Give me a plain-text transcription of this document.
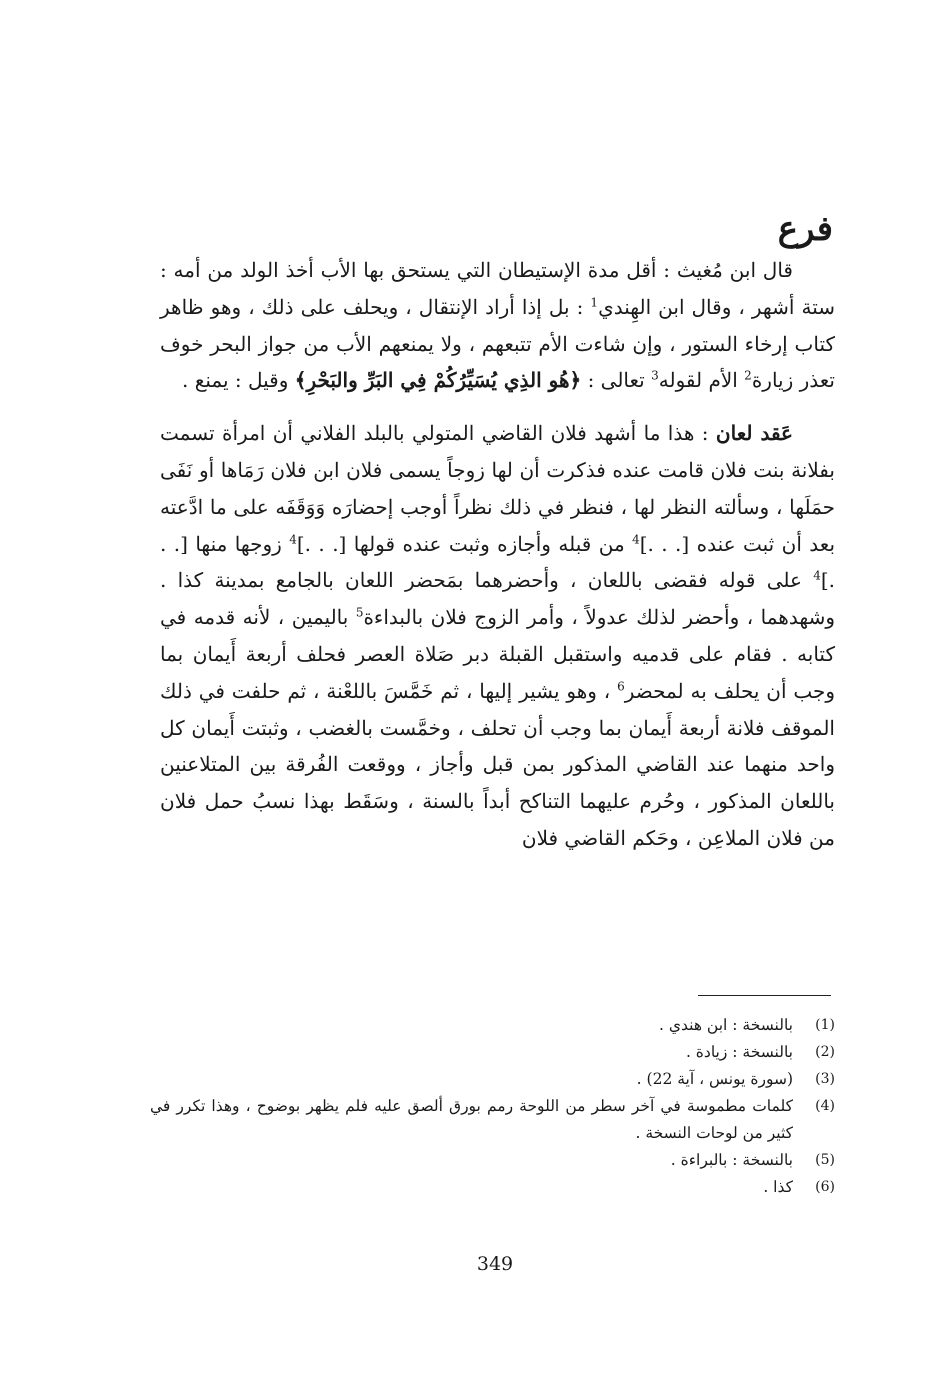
فرع

قال ابن مُغيث : أقل مدة الإستيطان التي يستحق بها الأب أخذ الولد من أمه : ستة أشهر ، وقال ابن الهِندي$^1$ : بل إذا أراد الإنتقال ، ويحلف على ذلك ، وهو ظاهر كتاب إرخاء الستور ، وإن شاءت الأم تتبعهم ، ولا يمنعهم الأب من جواز البحر خوف تعذر زيارة$^2$ الأم لقوله$^3$ تعالى : ﴿هُو الذِي يُسَيِّرُكُمْ فِي البَرِّ والبَحْرِ﴾ وقيل : يمنع .

عَقد لعان : هذا ما أشهد فلان القاضي المتولي بالبلد الفلاني أن امرأة تسمت بفلانة بنت فلان قامت عنده فذكرت أن لها زوجاً يسمى فلان ابن فلان رَمَاها أو نَفَى حمَلَها ، وسألته النظر لها ، فنظر في ذلك نظراً أوجب إحضارَه وَوَقَفَه على ما ادَّعته بعد أن ثبت عنده [. . .]$^4$ من قبله وأجازه وثبت عنده قولها [. . .]$^4$ زوجها منها [. . .]$^4$ على قوله فقضى باللعان ، وأحضرهما بمَحضر اللعان بالجامع بمدينة كذا . وشهدهما ، وأحضر لذلك عدولاً ، وأمر الزوج فلان بالبداءة$^5$ باليمين ، لأنه قدمه في كتابه . فقام على قدميه واستقبل القبلة دبر صَلاة العصر فحلف أربعة أَيمان بما وجب أن يحلف به لمحضر$^6$ ، وهو يشير إليها ، ثم خَمَّسَ باللعْنة ، ثم حلفت في ذلك الموقف فلانة أربعة أَيمان بما وجب أن تحلف ، وخمَّست بالغضب ، وثبتت أَيمان كل واحد منهما عند القاضي المذكور بمن قبل وأجاز ، ووقعت الفُرقة بين المتلاعنين باللعان المذكور ، وحُرم عليهما التناكح أبداً بالسنة ، وسَقَط بهذا نسبُ حمل فلان من فلان الملاعِن ، وحَكم القاضي فلان

(1)
بالنسخة : ابن هندي .
(2)
بالنسخة : زيادة .
(3)
(سورة يونس ، آية 22) .
(4)
كلمات مطموسة في آخر سطر من اللوحة رمم بورق ألصق عليه فلم يظهر بوضوح ، وهذا تكرر في كثير من لوحات النسخة .
(5)
بالنسخة : بالبراءة .
(6)
كذا .
349
